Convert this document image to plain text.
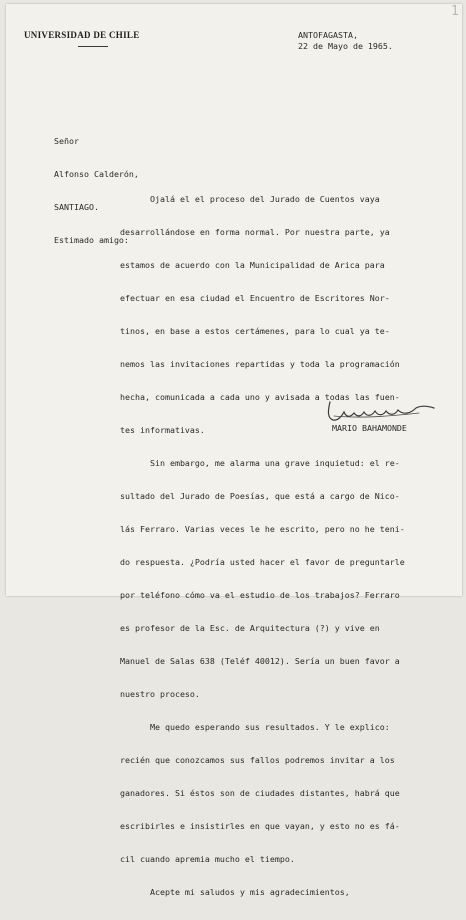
1
UNIVERSIDAD DE CHILE	ANTOFAGASTA,
22 de Mayo de 1965.

Señor

Alfonso Calderón,

SANTIAGO.

Estimado amigo:

Ojalá el el proceso del Jurado de Cuentos vaya

desarrollándose en forma normal. Por nuestra parte, ya

estamos de acuerdo con la Municipalidad de Arica para

efectuar en esa ciudad el Encuentro de Escritores Nor-

tinos, en base a estos certámenes, para lo cual ya te-

nemos las invitaciones repartidas y toda la programación

hecha, comunicada a cada uno y avisada a todas las fuen-

tes informativas.

Sin embargo, me alarma una grave inquietud: el re-

sultado del Jurado de Poesías, que está a cargo de Nico-

lás Ferraro. Varias veces le he escrito, pero no he teni-

do respuesta. ¿Podría usted hacer el favor de preguntarle

por teléfono cómo va el estudio de los trabajos? Ferraro

es profesor de la Esc. de Arquitectura (?) y vive en

Manuel de Salas 638 (Teléf 40012). Sería un buen favor a

nuestro proceso.

Me quedo esperando sus resultados. Y le explico:

recién que conozcamos sus fallos podremos invitar a los

ganadores. Si éstos son de ciudades distantes, habrá que

escribirles e insistirles en que vayan, y esto no es fá-

cil cuando apremia mucho el tiempo.

Acepte mi saludos y mis agradecimientos,

MARIO BAHAMONDE
